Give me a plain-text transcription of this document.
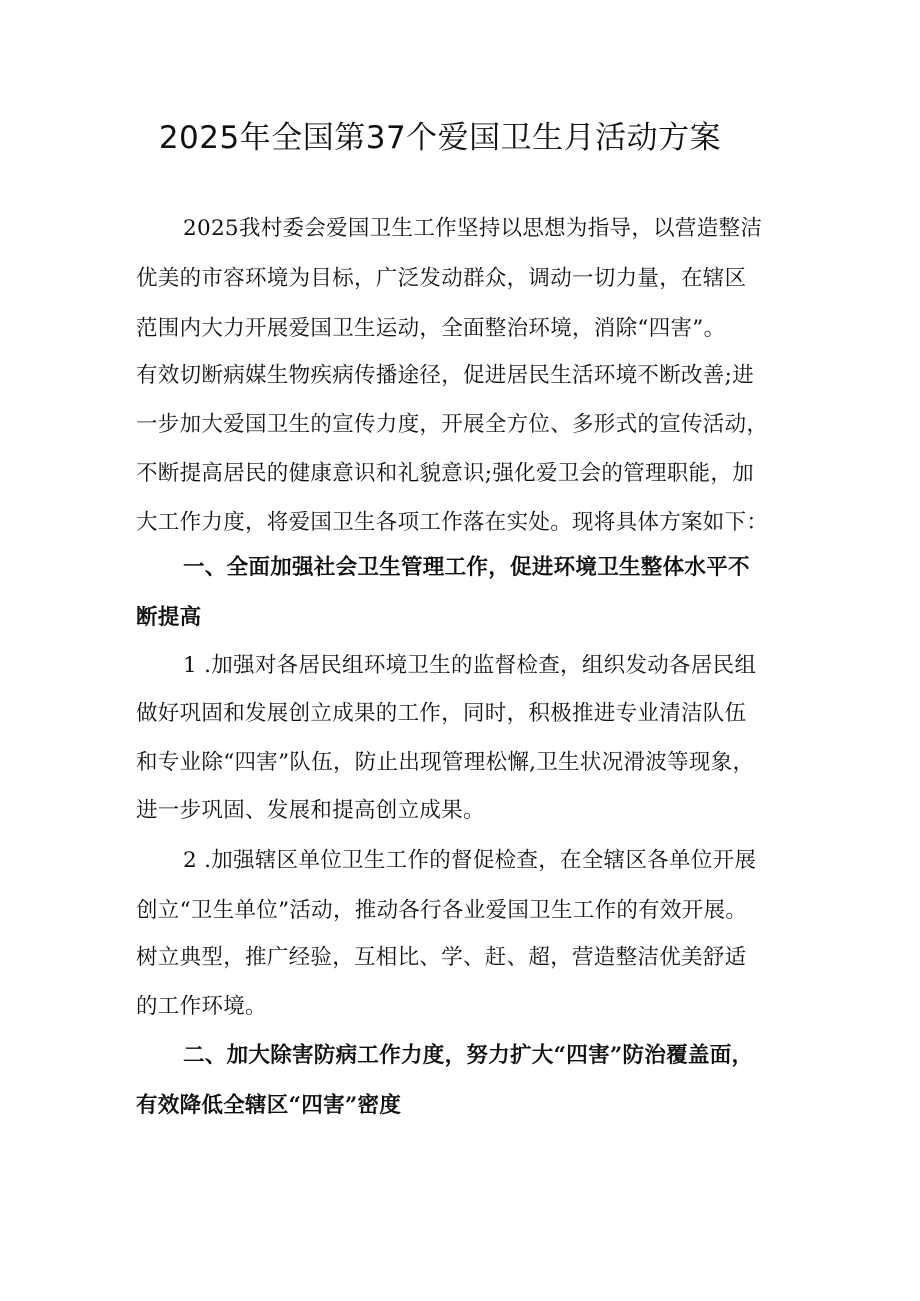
2025年全国第37个爱国卫生月活动方案
2025我村委会爱国卫生工作坚持以思想为指导，以营造整洁
优美的市容环境为目标，广泛发动群众，调动一切力量，在辖区
范围内大力开展爱国卫生运动，全面整治环境，消除“四害”。
有效切断病媒生物疾病传播途径，促进居民生活环境不断改善;进
一步加大爱国卫生的宣传力度，开展全方位、多形式的宣传活动，
不断提高居民的健康意识和礼貌意识;强化爱卫会的管理职能，加
大工作力度，将爱国卫生各项工作落在实处。现将具体方案如下：
一、全面加强社会卫生管理工作，促进环境卫生整体水平不
断提高
1 .加强对各居民组环境卫生的监督检查，组织发动各居民组
做好巩固和发展创立成果的工作，同时，积极推进专业清洁队伍
和专业除“四害”队伍，防止出现管理松懈,卫生状况滑波等现象，
进一步巩固、发展和提高创立成果。
2 .加强辖区单位卫生工作的督促检查，在全辖区各单位开展
创立“卫生单位”活动，推动各行各业爱国卫生工作的有效开展。
树立典型，推广经验，互相比、学、赶、超，营造整洁优美舒适
的工作环境。
二、加大除害防病工作力度，努力扩大“四害”防治覆盖面，
有效降低全辖区“四害”密度
